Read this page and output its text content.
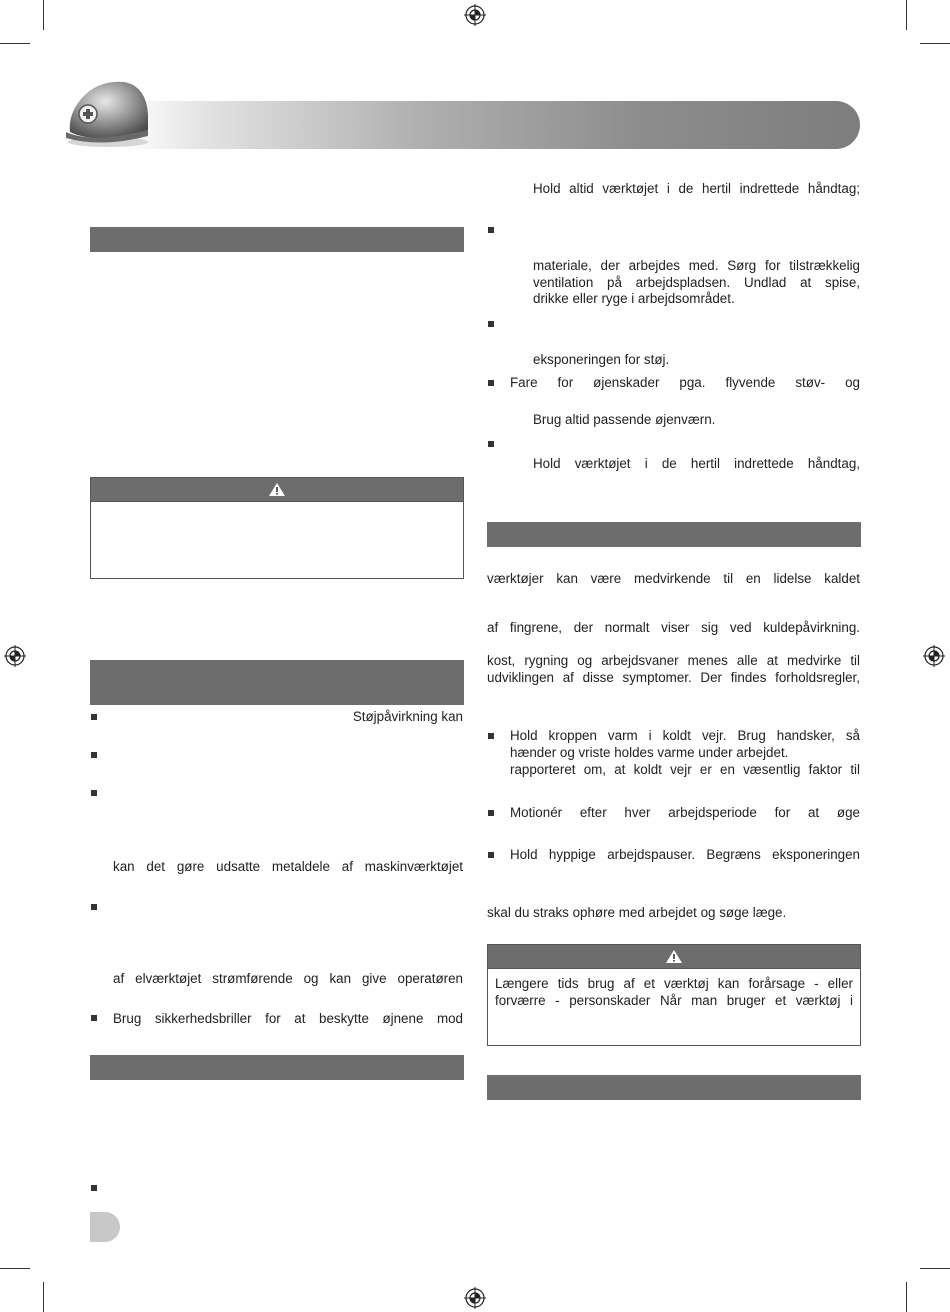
Støjpåvirkning kan
kan det gøre udsatte metaldele af maskinværktøjet
af elværktøjet strømførende og kan give operatøren
Brug sikkerhedsbriller for at beskytte øjnene mod
Hold altid værktøjet i de hertil indrettede håndtag;
materiale, der arbejdes med. Sørg for tilstrækkelig
ventilation på arbejdspladsen. Undlad at spise,
drikke eller ryge i arbejdsområdet.
eksponeringen for støj.
Fare for øjenskader pga. flyvende støv- og
Brug altid passende øjenværn.
Hold værktøjet i de hertil indrettede håndtag,
værktøjer kan være medvirkende til en lidelse kaldet
af fingrene, der normalt viser sig ved kuldepåvirkning.
kost, rygning og arbejdsvaner menes alle at medvirke til
udviklingen af disse symptomer. Der findes forholdsregler,
Hold kroppen varm i koldt vejr. Brug handsker, så
hænder og vriste holdes varme under arbejdet.
rapporteret om, at koldt vejr er en væsentlig faktor til
Motionér efter hver arbejdsperiode for at øge
Hold hyppige arbejdspauser. Begræns eksponeringen
skal du straks ophøre med arbejdet og søge læge.
Længere tids brug af et værktøj kan forårsage - eller
forværre - personskader Når man bruger et værktøj i
